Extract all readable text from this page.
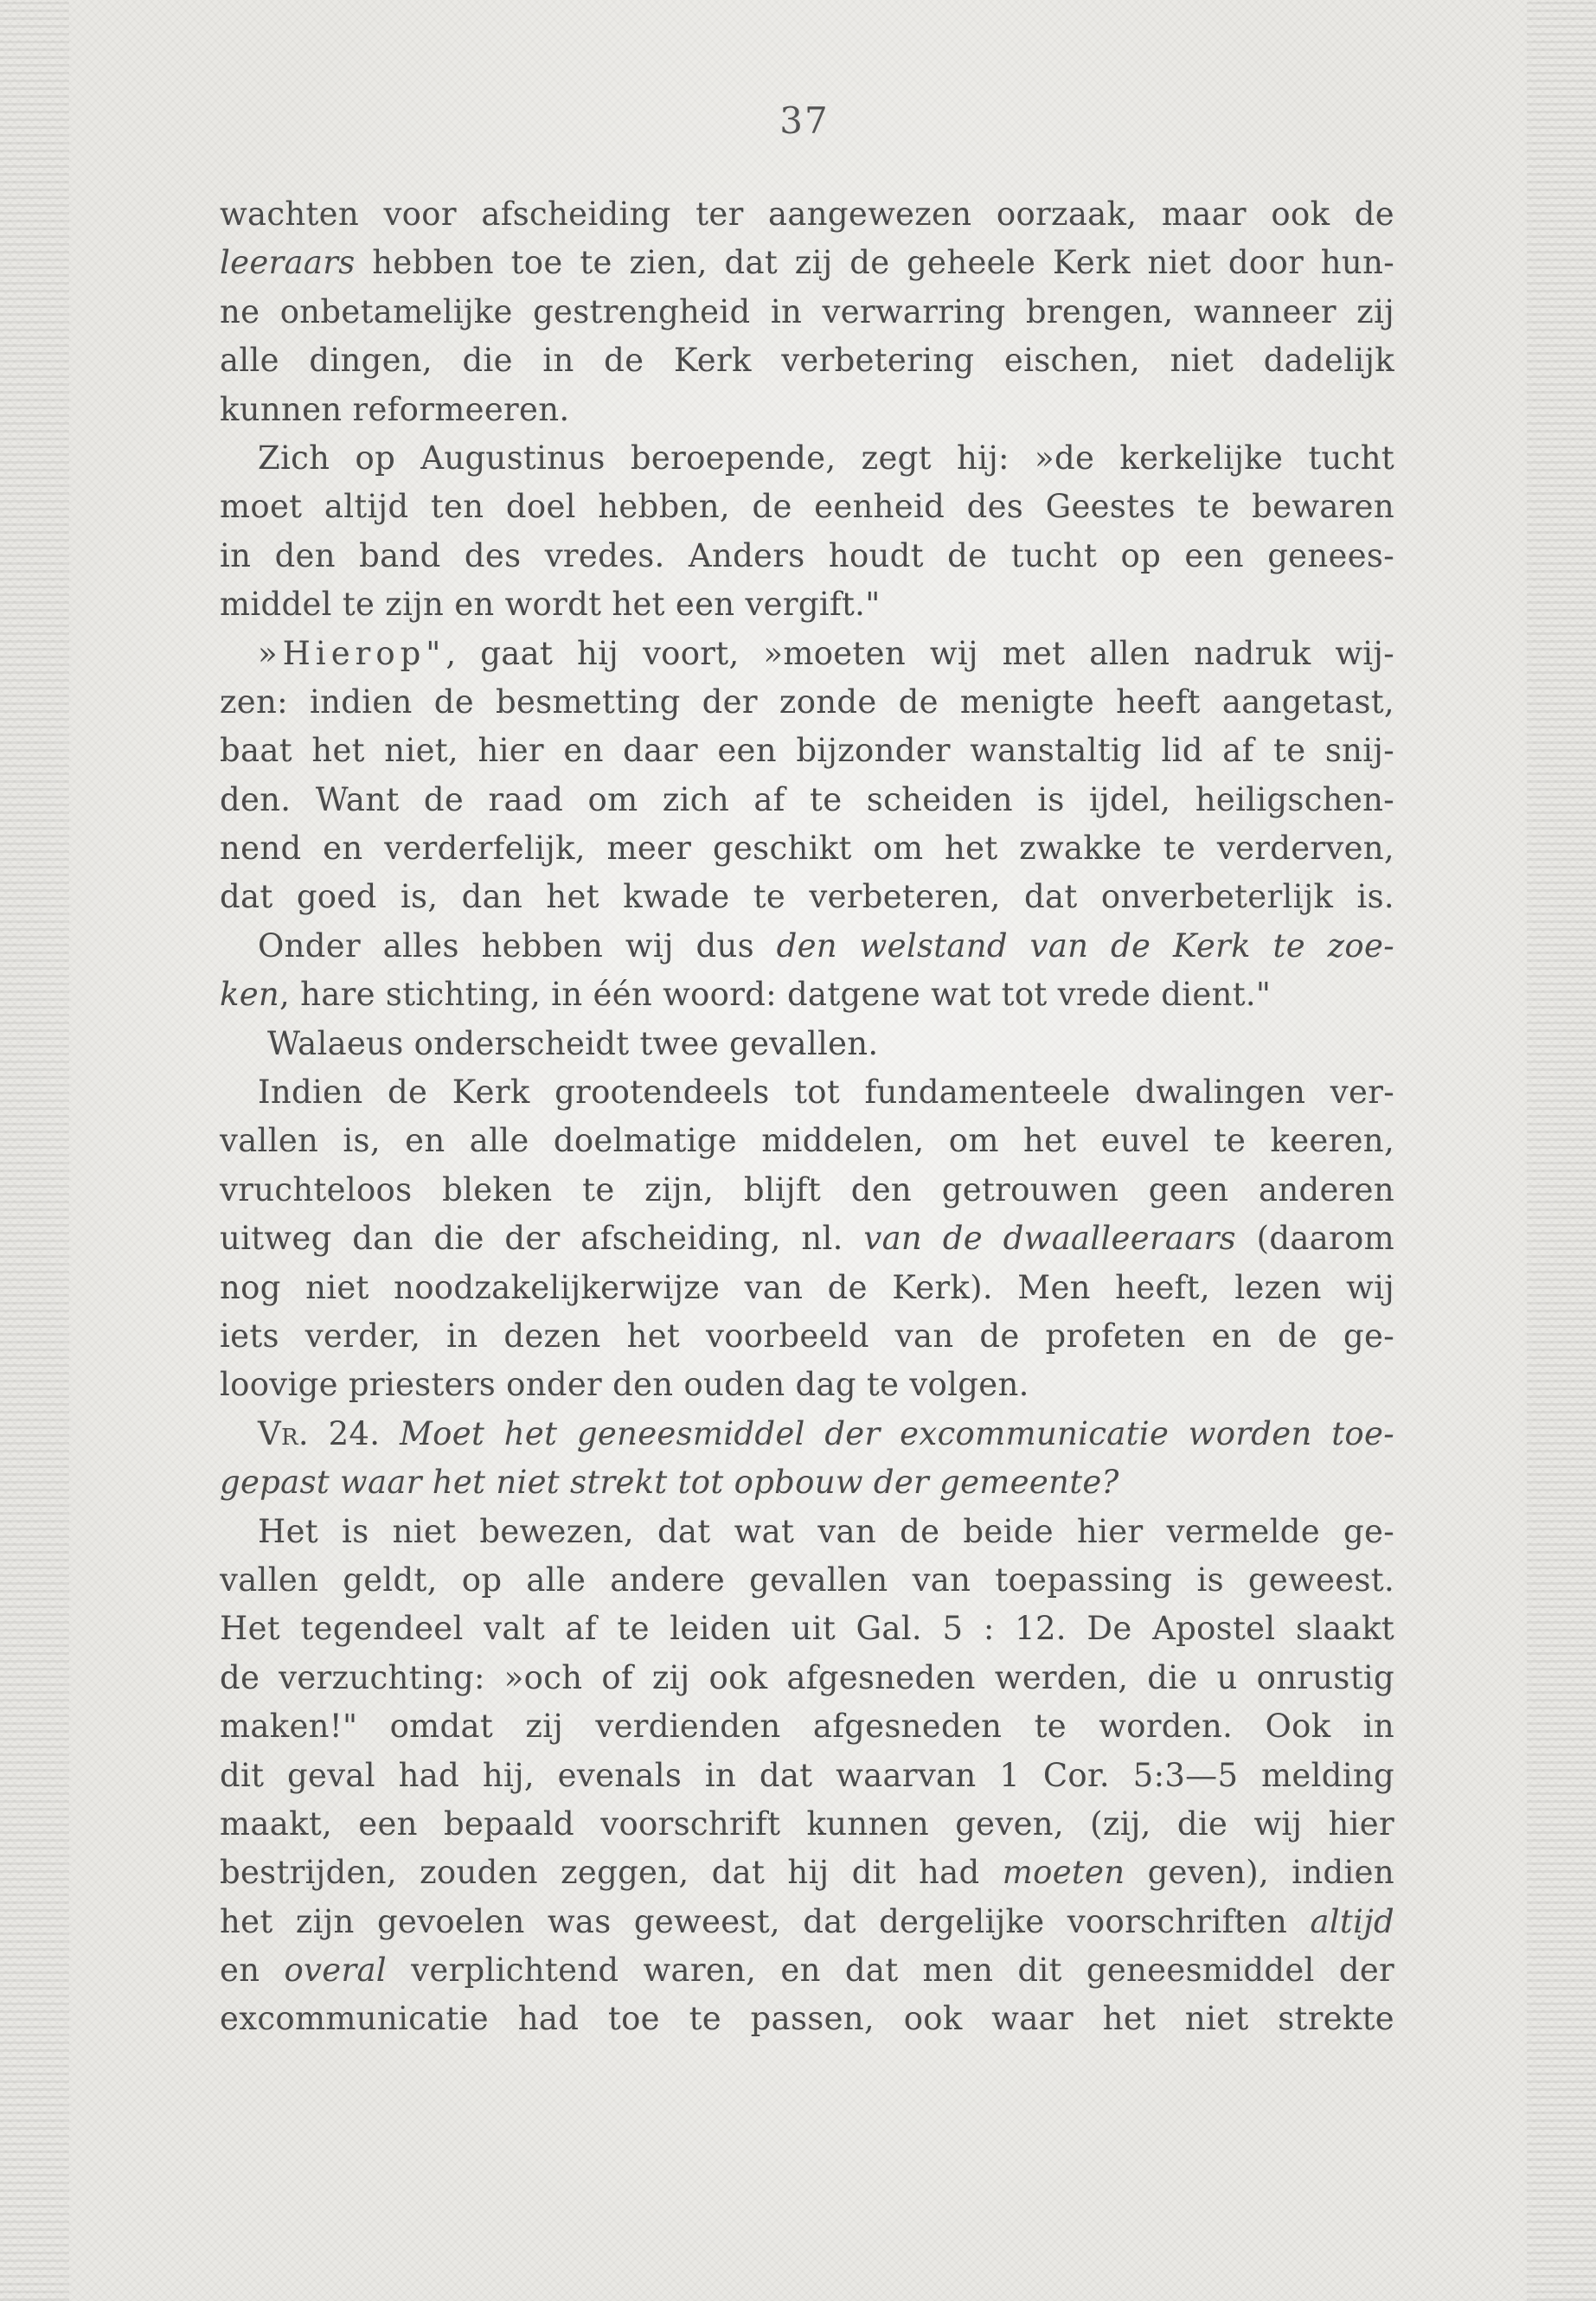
37
wachten voor afscheiding ter aangewezen oorzaak, maar ook de
leeraars hebben toe te zien, dat zij de geheele Kerk niet door hun-
ne onbetamelijke gestrengheid in verwarring brengen, wanneer zij
alle dingen, die in de Kerk verbetering eischen, niet dadelijk
kunnen reformeeren.
Zich op Augustinus beroepende, zegt hij: »de kerkelijke tucht
moet altijd ten doel hebben, de eenheid des Geestes te bewaren
in den band des vredes. Anders houdt de tucht op een genees-
middel te zijn en wordt het een vergift."
»Hierop", gaat hij voort, »moeten wij met allen nadruk wij-
zen: indien de besmetting der zonde de menigte heeft aangetast,
baat het niet, hier en daar een bijzonder wanstaltig lid af te snij-
den. Want de raad om zich af te scheiden is ijdel, heiligschen-
nend en verderfelijk, meer geschikt om het zwakke te verderven,
dat goed is, dan het kwade te verbeteren, dat onverbeterlijk is.
Onder alles hebben wij dus den welstand van de Kerk te zoe-
ken, hare stichting, in één woord: datgene wat tot vrede dient."
Walaeus onderscheidt twee gevallen.
Indien de Kerk grootendeels tot fundamenteele dwalingen ver-
vallen is, en alle doelmatige middelen, om het euvel te keeren,
vruchteloos bleken te zijn, blijft den getrouwen geen anderen
uitweg dan die der afscheiding, nl. van de dwaalleeraars (daarom
nog niet noodzakelijkerwijze van de Kerk). Men heeft, lezen wij
iets verder, in dezen het voorbeeld van de profeten en de ge-
loovige priesters onder den ouden dag te volgen.
Vr. 24. Moet het geneesmiddel der excommunicatie worden toe-
gepast waar het niet strekt tot opbouw der gemeente?
Het is niet bewezen, dat wat van de beide hier vermelde ge-
vallen geldt, op alle andere gevallen van toepassing is geweest.
Het tegendeel valt af te leiden uit Gal. 5 : 12. De Apostel slaakt
de verzuchting: »och of zij ook afgesneden werden, die u onrustig
maken!" omdat zij verdienden afgesneden te worden. Ook in
dit geval had hij, evenals in dat waarvan 1 Cor. 5:3—5 melding
maakt, een bepaald voorschrift kunnen geven, (zij, die wij hier
bestrijden, zouden zeggen, dat hij dit had moeten geven), indien
het zijn gevoelen was geweest, dat dergelijke voorschriften altijd
en overal verplichtend waren, en dat men dit geneesmiddel der
excommunicatie had toe te passen, ook waar het niet strekte
